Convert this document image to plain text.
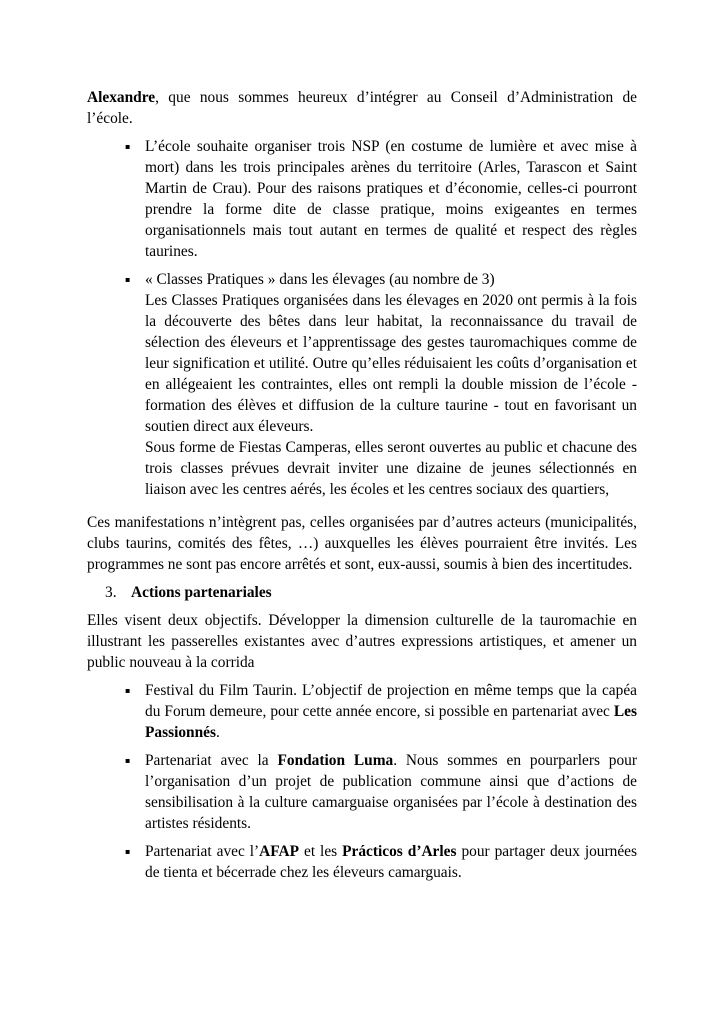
Alexandre, que nous sommes heureux d’intégrer au Conseil d’Administration de l’école.

▪ L’école souhaite organiser trois NSP (en costume de lumière et avec mise à mort) dans les trois principales arènes du territoire (Arles, Tarascon et Saint Martin de Crau). Pour des raisons pratiques et d’économie, celles-ci pourront prendre la forme dite de classe pratique, moins exigeantes en termes organisationnels mais tout autant en termes de qualité et respect des règles taurines.

▪ « Classes Pratiques » dans les élevages (au nombre de 3)

Les Classes Pratiques organisées dans les élevages en 2020 ont permis à la fois la découverte des bêtes dans leur habitat, la reconnaissance du travail de sélection des éleveurs et l’apprentissage des gestes tauromachiques comme de leur signification et utilité. Outre qu’elles réduisaient les coûts d’organisation et en allégeaient les contraintes, elles ont rempli la double mission de l’école - formation des élèves et diffusion de la culture taurine - tout en favorisant un soutien direct aux éleveurs.

Sous forme de Fiestas Camperas, elles seront ouvertes au public et chacune des trois classes prévues devrait inviter une dizaine de jeunes sélectionnés en liaison avec les centres aérés, les écoles et les centres sociaux des quartiers,

Ces manifestations n’intègrent pas, celles organisées par d’autres acteurs (municipalités, clubs taurins, comités des fêtes, …) auxquelles les élèves pourraient être invités. Les programmes ne sont pas encore arrêtés et sont, eux-aussi, soumis à bien des incertitudes.

3. Actions partenariales

Elles visent deux objectifs. Développer la dimension culturelle de la tauromachie en illustrant les passerelles existantes avec d’autres expressions artistiques, et amener un public nouveau à la corrida

▪ Festival du Film Taurin. L’objectif de projection en même temps que la capéa du Forum demeure, pour cette année encore, si possible en partenariat avec Les Passionnés.

▪ Partenariat avec la Fondation Luma. Nous sommes en pourparlers pour l’organisation d’un projet de publication commune ainsi que d’actions de sensibilisation à la culture camarguaise organisées par l’école à destination des artistes résidents.

▪ Partenariat avec l’AFAP et les Prácticos d’Arles pour partager deux journées de tienta et bécerrade chez les éleveurs camarguais.
